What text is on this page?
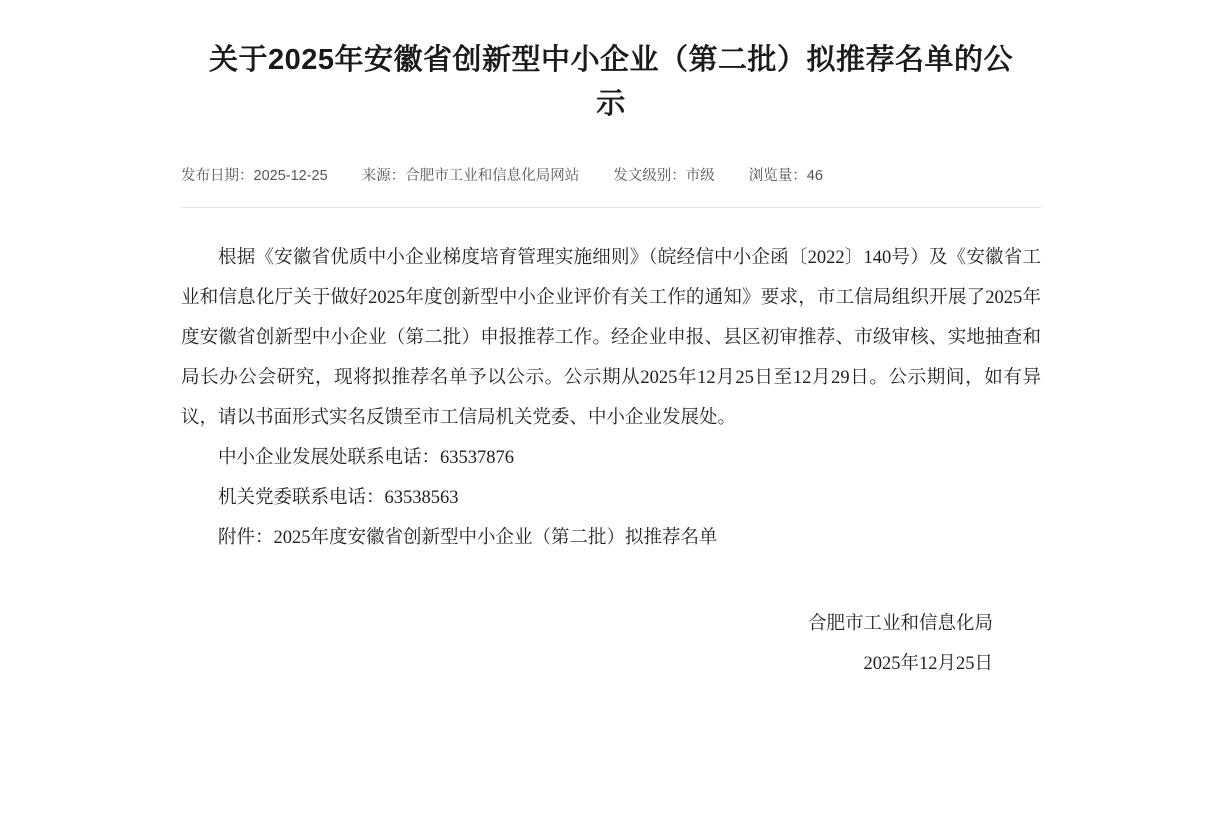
关于2025年安徽省创新型中小企业（第二批）拟推荐名单的公示
发布日期：2025-12-25 来源：合肥市工业和信息化局网站 发文级别：市级 浏览量：46

根据《安徽省优质中小企业梯度培育管理实施细则》（皖经信中小企函〔2022〕140号）及《安徽省工业和信息化厅关于做好2025年度创新型中小企业评价有关工作的通知》要求，市工信局组织开展了2025年度安徽省创新型中小企业（第二批）申报推荐工作。经企业申报、县区初审推荐、市级审核、实地抽查和局长办公会研究，现将拟推荐名单予以公示。公示期从2025年12月25日至12月29日。公示期间，如有异议，请以书面形式实名反馈至市工信局机关党委、中小企业发展处。

中小企业发展处联系电话：63537876

机关党委联系电话：63538563

附件：2025年度安徽省创新型中小企业（第二批）拟推荐名单

合肥市工业和信息化局
2025年12月25日
